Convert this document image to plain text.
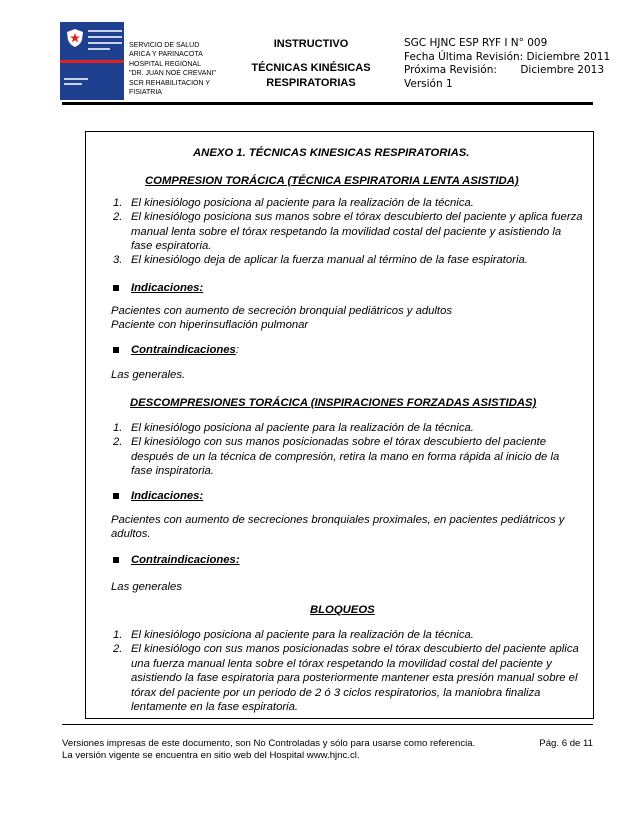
SERVICIO DE SALUD
ARICA Y PARINACOTA
HOSPITAL REGIONAL
"DR. JUAN NOE CREVANI"
SCR REHABILITACION Y
FISIATRIA
INSTRUCTIVO
TÉCNICAS KINÉSICAS
RESPIRATORIAS
SGC HJNC ESP RYF I N° 009
Fecha Última Revisión: Diciembre 2011
Próxima Revisión: Diciembre 2013
Versión 1
ANEXO 1. TÉCNICAS KINESICAS RESPIRATORIAS.
COMPRESION TORÁCICA (TÉCNICA ESPIRATORIA LENTA ASISTIDA)
1. El kinesiólogo posiciona al paciente para la realización de la técnica.
2. El kinesiólogo posiciona sus manos sobre el tórax descubierto del paciente y aplica fuerza manual lenta sobre el tórax respetando la movilidad costal del paciente y asistiendo la fase espiratoria.
3. El kinesiólogo deja de aplicar la fuerza manual al término de la fase espiratoria.
Indicaciones:
Pacientes con aumento de secreción bronquial pediátricos y adultos
Paciente con hiperinsuflación pulmonar
Contraindicaciones:
Las generales.
DESCOMPRESIONES TORÁCICA (INSPIRACIONES FORZADAS ASISTIDAS)
1. El kinesiólogo posiciona al paciente para la realización de la técnica.
2. El kinesiólogo con sus manos posicionadas sobre el tórax descubierto del paciente después de un la técnica de compresión, retira la mano en forma rápida al inicio de la fase inspiratoria.
Indicaciones:
Pacientes con aumento de secreciones bronquiales proximales, en pacientes pediátricos y
adultos.
Contraindicaciones:
Las generales
BLOQUEOS
1. El kinesiólogo posiciona al paciente para la realización de la técnica.
2. El kinesiólogo con sus manos posicionadas sobre el tórax descubierto del paciente aplica una fuerza manual lenta sobre el tórax respetando la movilidad costal del paciente y asistiendo la fase espiratoria para posteriormente mantener esta presión manual sobre el tórax del paciente por un periodo de 2 ó 3 ciclos respiratorios, la maniobra finaliza lentamente en la fase espiratoria.
Versiones impresas de este documento, son No Controladas y sólo para usarse como referencia.
La versión vigente se encuentra en sitio web del Hospital www.hjnc.cl.
Pág. 6 de 11
